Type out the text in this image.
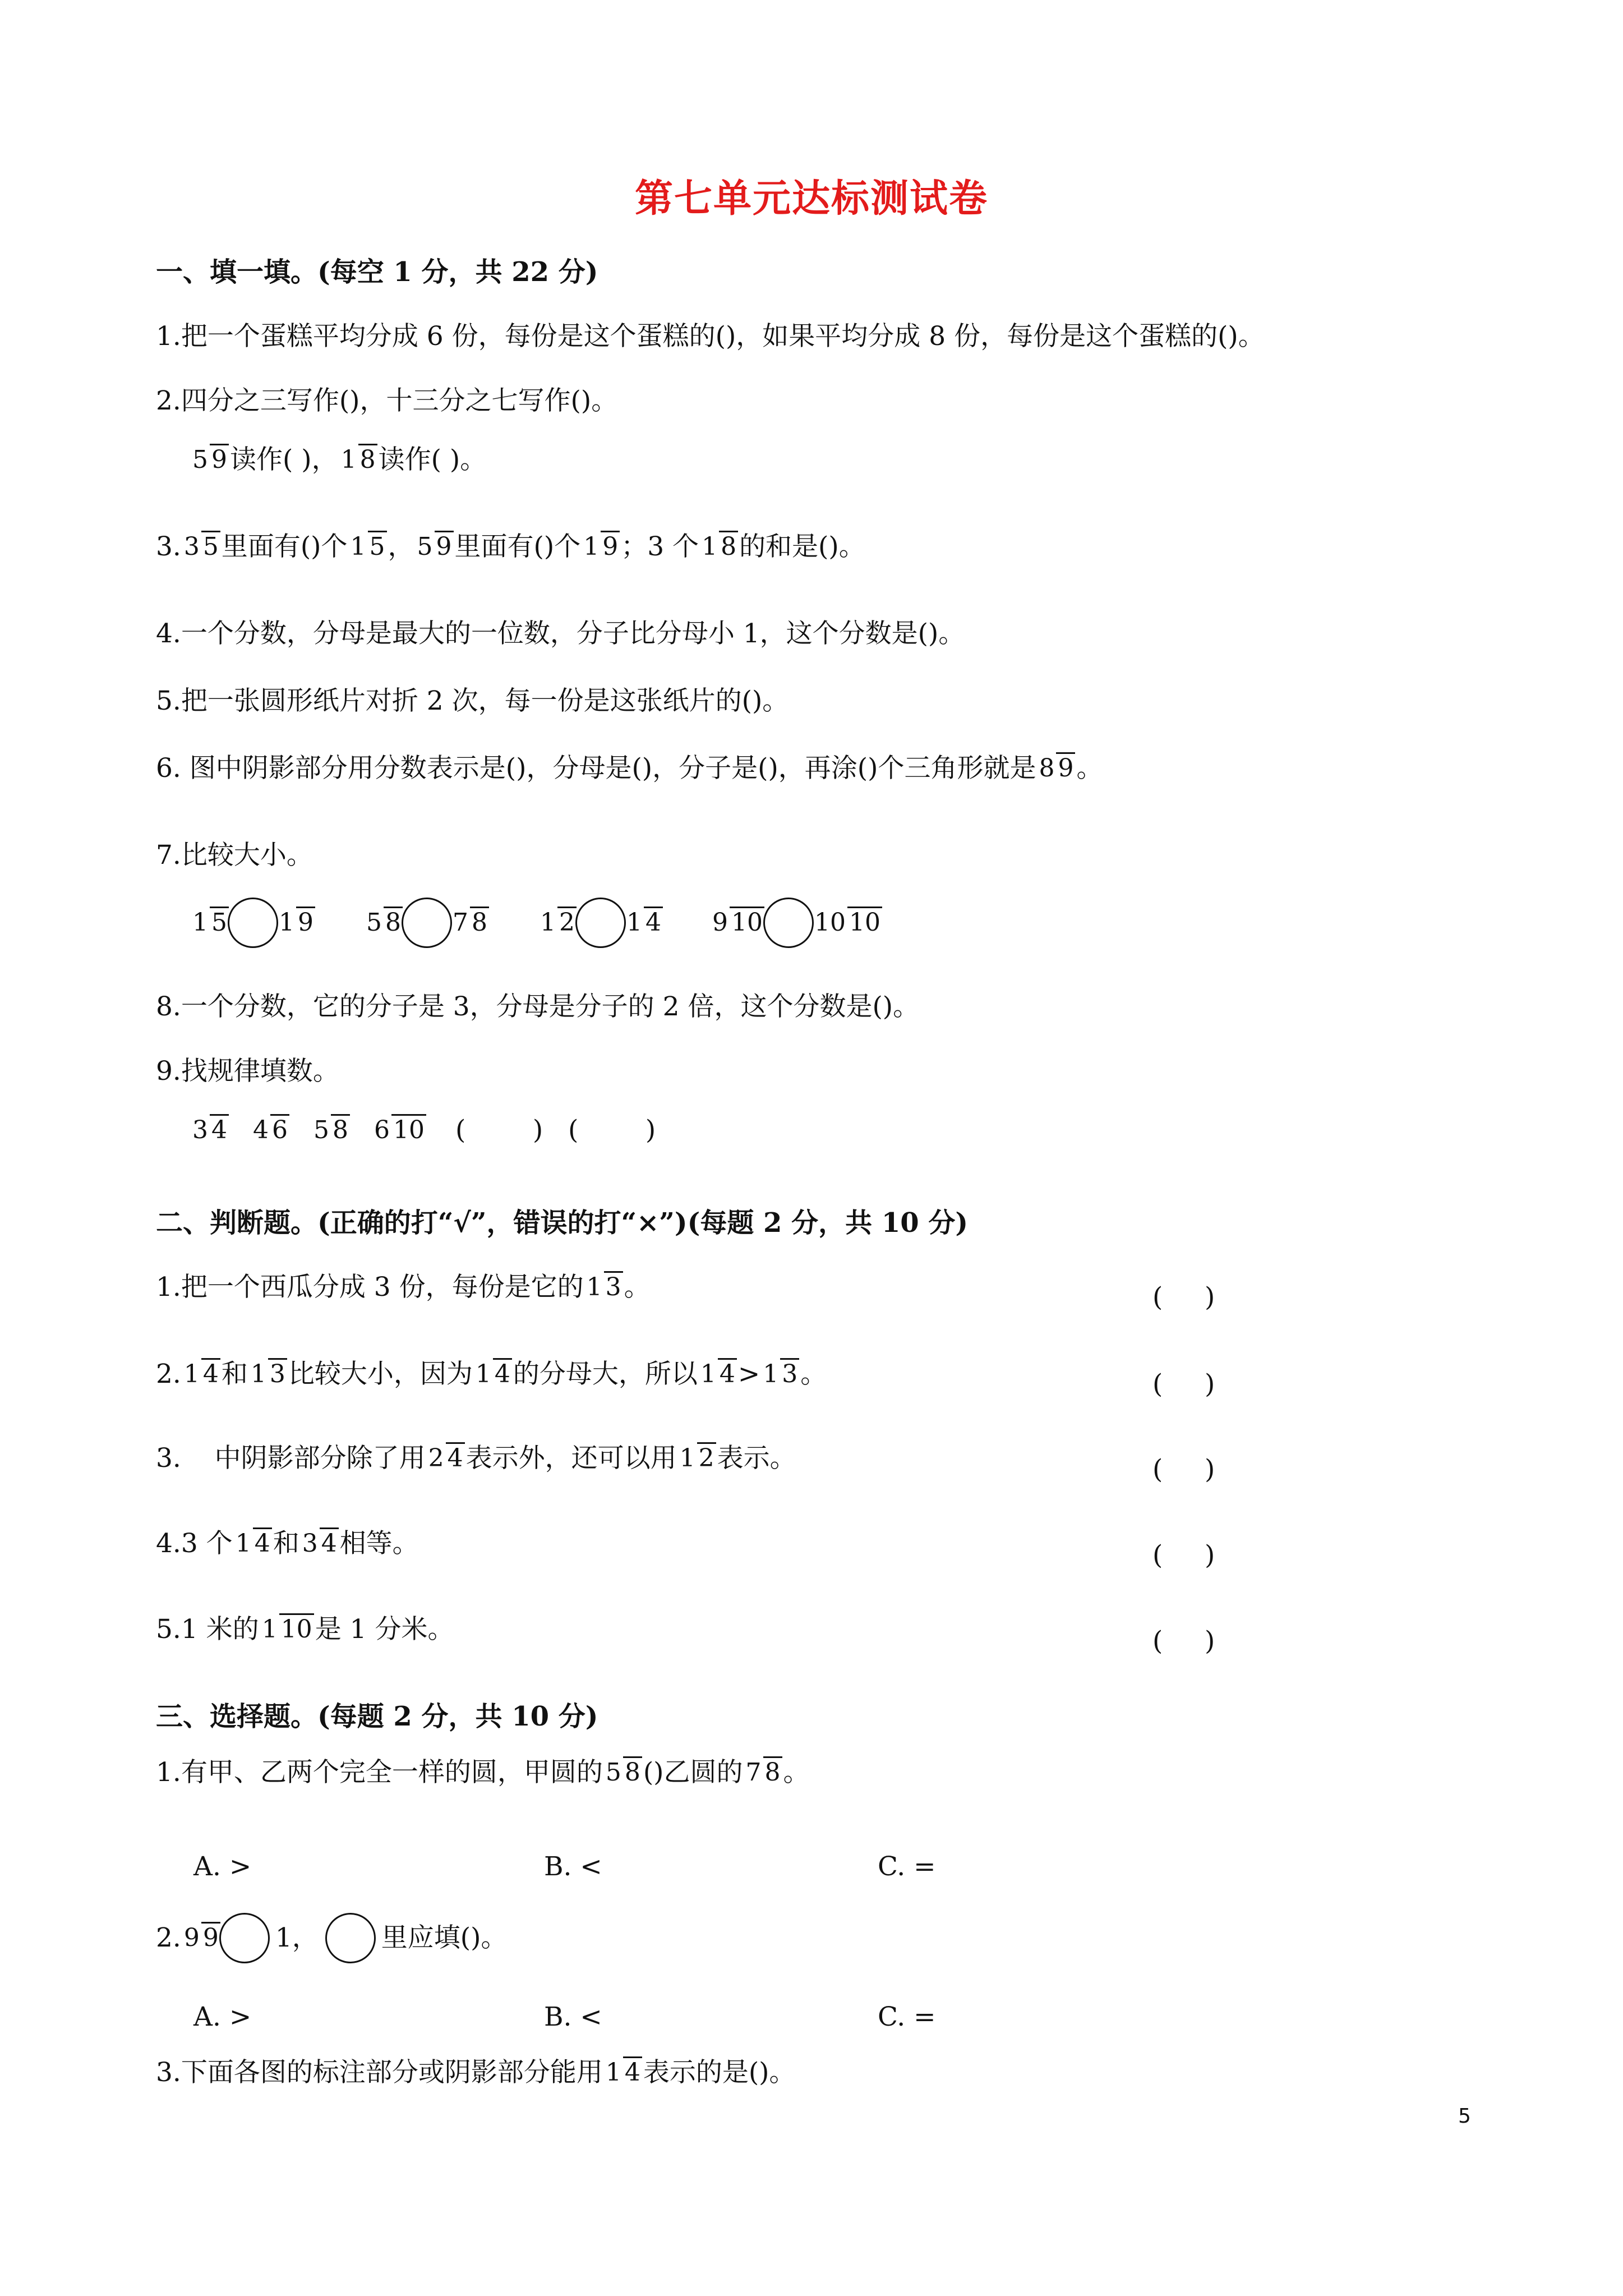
第七单元达标测试卷
一、填一填。(每空 1 分，共 22 分)
1.把一个蛋糕平均分成 6 份，每份是这个蛋糕的()，如果平均分成 8 份，每份是这个蛋糕的()。
2.四分之三写作()，十三分之七写作()。
5 9 读作( )， 1 8 读作( )。
3. 3 5 里面有()个 1 5 ， 5 9 里面有()个 1 9 ；3 个 1 8 的和是()。
4.一个分数，分母是最大的一位数，分子比分母小 1，这个分数是()。
5.把一张圆形纸片对折 2 次，每一份是这张纸片的()。
6. 图中阴影部分用分数表示是()，分母是()，分子是()，再涂()个三角形就是 8 9 。
7.比较大小。
1 5 1 9 5 8 7 8 1 2 1 4 9 10 10 10
8.一个分数，它的分子是 3，分母是分子的 2 倍，这个分数是()。
9.找规律填数。
3 4 4 6 5 8 6 10 (        )   (        )
二、判断题。(正确的打“√”，错误的打“×”)(每题 2 分，共 10 分)
1.把一个西瓜分成 3 份，每份是它的 1 3 。	(     )
2. 1 4 和 1 3 比较大小，因为 1 4 的分母大，所以 1 4 > 1 3 。	(     )
3.    中阴影部分除了用 2 4 表示外，还可以用 1 2 表示。	(     )
4.3 个 1 4 和 3 4 相等。	(     )
5.1 米的 1 10 是 1 分米。	(     )
三、选择题。(每题 2 分，共 10 分)
1.有甲、乙两个完全一样的圆，甲圆的 5 8 ()乙圆的 7 8 。
A. >	B. <	C. =
2. 9 9 1， 里应填()。
A. >	B. <	C. =
3.下面各图的标注部分或阴影部分能用 1 4 表示的是()。
5
